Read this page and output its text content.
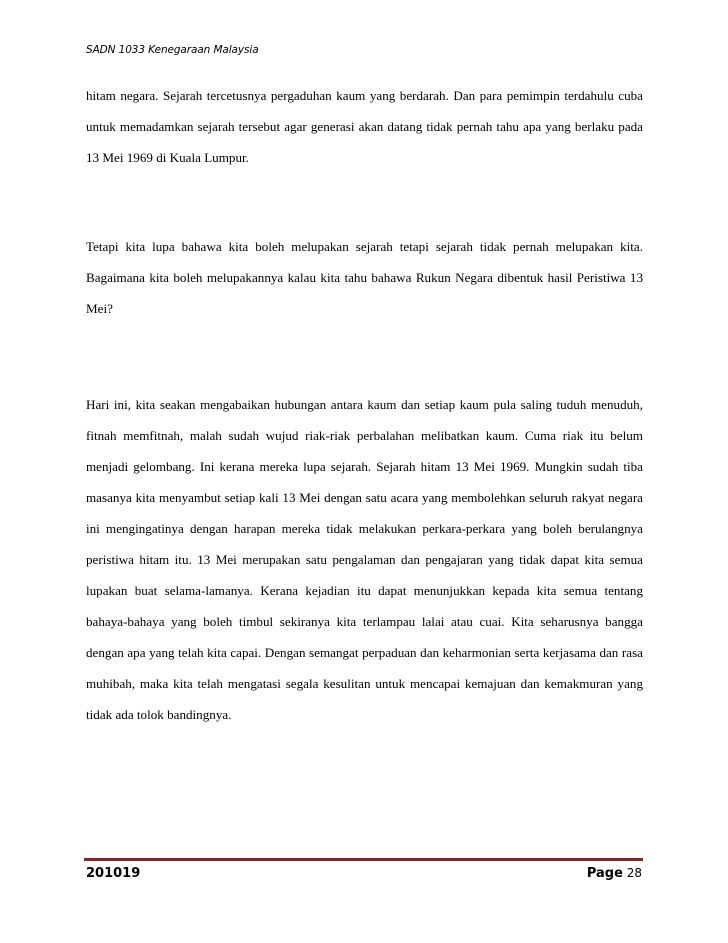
SADN 1033 Kenegaraan Malaysia

hitam negara. Sejarah tercetusnya pergaduhan kaum yang berdarah. Dan para pemimpin terdahulu cuba untuk memadamkan sejarah tersebut agar generasi akan datang tidak pernah tahu apa yang berlaku pada 13 Mei 1969 di Kuala Lumpur.

Tetapi kita lupa bahawa kita boleh melupakan sejarah tetapi sejarah tidak pernah melupakan kita. Bagaimana kita boleh melupakannya kalau kita tahu bahawa Rukun Negara dibentuk hasil Peristiwa 13 Mei?

Hari ini, kita seakan mengabaikan hubungan antara kaum dan setiap kaum pula saling tuduh menuduh, fitnah memfitnah, malah sudah wujud riak-riak perbalahan melibatkan kaum. Cuma riak itu belum menjadi gelombang. Ini kerana mereka lupa sejarah. Sejarah hitam 13 Mei 1969. Mungkin sudah tiba masanya kita menyambut setiap kali 13 Mei dengan satu acara yang membolehkan seluruh rakyat negara ini mengingatinya dengan harapan mereka tidak melakukan perkara-perkara yang boleh berulangnya peristiwa hitam itu. 13 Mei merupakan satu pengalaman dan pengajaran yang tidak dapat kita semua lupakan buat selama-lamanya. Kerana kejadian itu dapat menunjukkan kepada kita semua tentang bahaya-bahaya yang boleh timbul sekiranya kita terlampau lalai atau cuai. Kita seharusnya bangga dengan apa yang telah kita capai. Dengan semangat perpaduan dan keharmonian serta kerjasama dan rasa muhibah, maka kita telah mengatasi segala kesulitan untuk mencapai kemajuan dan kemakmuran yang tidak ada tolok bandingnya.

201019	Page 28
